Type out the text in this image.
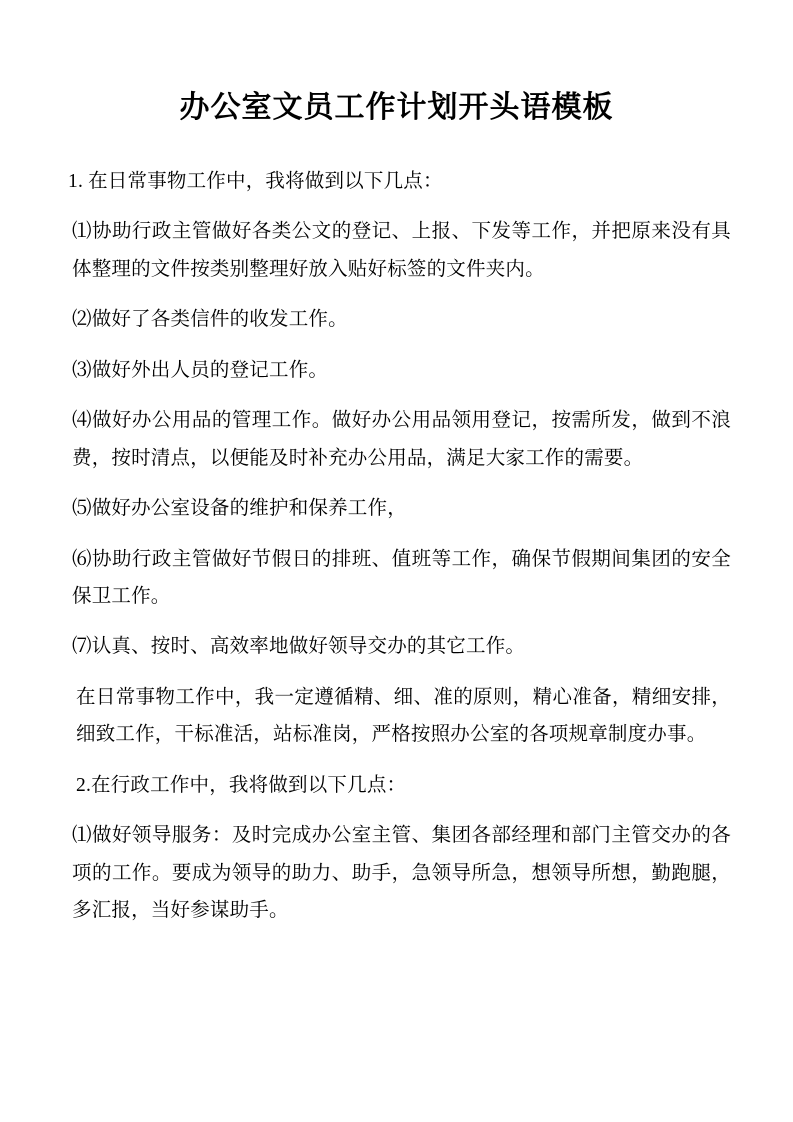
办公室文员工作计划开头语模板

1. 在日常事物工作中，我将做到以下几点：

⑴协助行政主管做好各类公文的登记、上报、下发等工作，并把原来没有具体整理的文件按类别整理好放入贴好标签的文件夹内。

⑵做好了各类信件的收发工作。

⑶做好外出人员的登记工作。

⑷做好办公用品的管理工作。做好办公用品领用登记，按需所发，做到不浪费，按时清点，以便能及时补充办公用品，满足大家工作的需要。

⑸做好办公室设备的维护和保养工作，

⑹协助行政主管做好节假日的排班、值班等工作，确保节假期间集团的安全保卫工作。

⑺认真、按时、高效率地做好领导交办的其它工作。

在日常事物工作中，我一定遵循精、细、准的原则，精心准备，精细安排，细致工作，干标准活，站标准岗，严格按照办公室的各项规章制度办事。

2.在行政工作中，我将做到以下几点：

⑴做好领导服务：及时完成办公室主管、集团各部经理和部门主管交办的各项的工作。要成为领导的助力、助手，急领导所急，想领导所想，勤跑腿，多汇报，当好参谋助手。
